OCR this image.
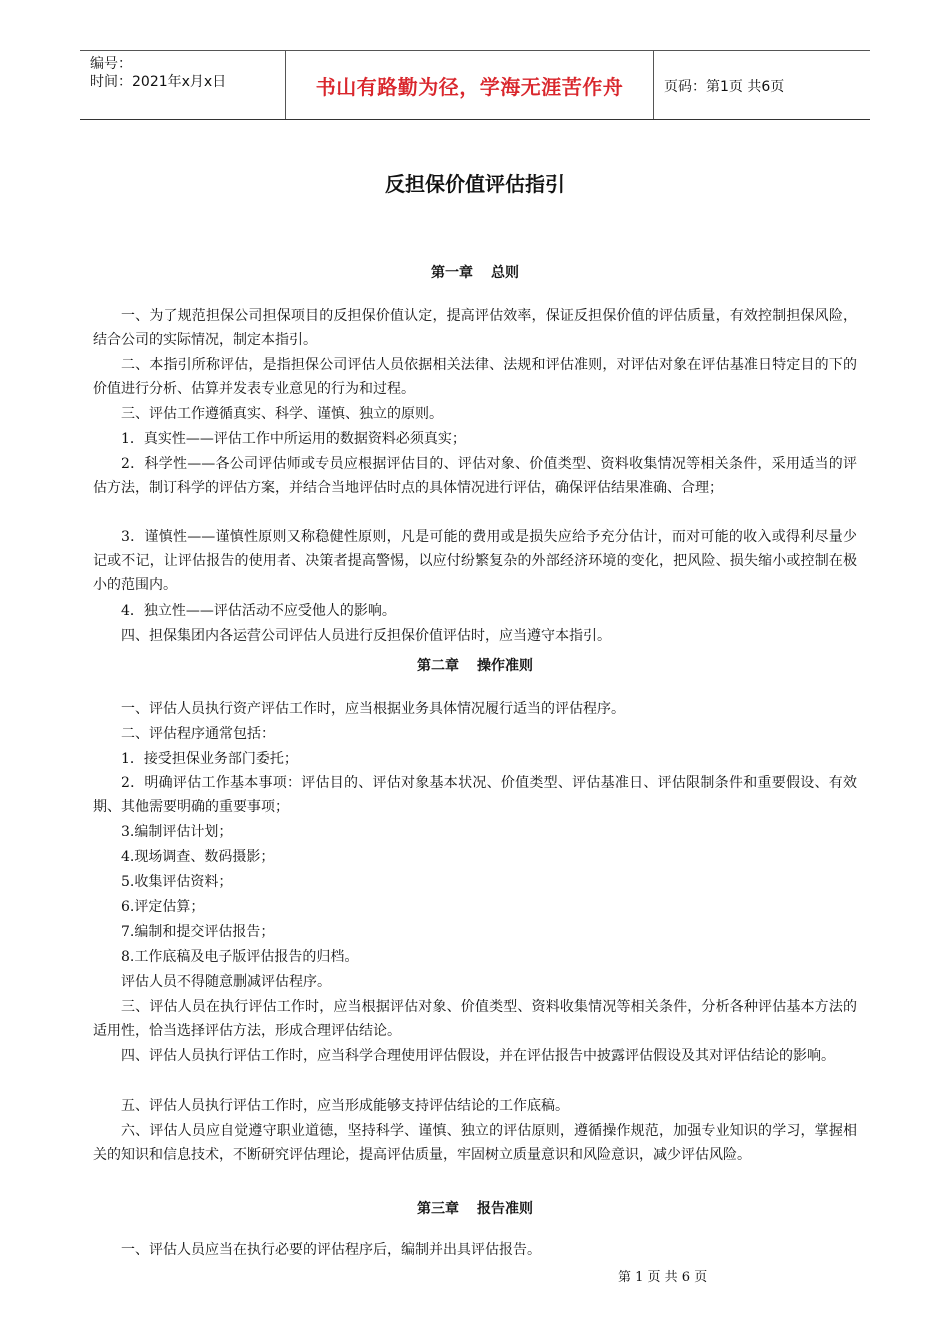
编号：
时间：2021年x月x日	书山有路勤为径，学海无涯苦作舟	页码：第1页 共6页
反担保价值评估指引
第一章 总则

一、为了规范担保公司担保项目的反担保价值认定，提高评估效率，保证反担保价值的评估质量，有效控制担保风险，结合公司的实际情况，制定本指引。

二、本指引所称评估，是指担保公司评估人员依据相关法律、法规和评估准则，对评估对象在评估基准日特定目的下的价值进行分析、估算并发表专业意见的行为和过程。

三、评估工作遵循真实、科学、谨慎、独立的原则。

1．真实性——评估工作中所运用的数据资料必须真实；

2．科学性——各公司评估师或专员应根据评估目的、评估对象、价值类型、资料收集情况等相关条件，采用适当的评估方法，制订科学的评估方案，并结合当地评估时点的具体情况进行评估，确保评估结果准确、合理；

3．谨慎性——谨慎性原则又称稳健性原则，凡是可能的费用或是损失应给予充分估计，而对可能的收入或得利尽量少记或不记，让评估报告的使用者、决策者提高警惕，以应付纷繁复杂的外部经济环境的变化，把风险、损失缩小或控制在极小的范围内。

4．独立性——评估活动不应受他人的影响。

四、担保集团内各运营公司评估人员进行反担保价值评估时，应当遵守本指引。

第二章 操作准则

一、评估人员执行资产评估工作时，应当根据业务具体情况履行适当的评估程序。

二、评估程序通常包括：

1．接受担保业务部门委托；

2．明确评估工作基本事项：评估目的、评估对象基本状况、价值类型、评估基准日、评估限制条件和重要假设、有效期、其他需要明确的重要事项；

3.编制评估计划；

4.现场调查、数码摄影；

5.收集评估资料；

6.评定估算；

7.编制和提交评估报告；

8.工作底稿及电子版评估报告的归档。

评估人员不得随意删减评估程序。

三、评估人员在执行评估工作时，应当根据评估对象、价值类型、资料收集情况等相关条件，分析各种评估基本方法的适用性，恰当选择评估方法，形成合理评估结论。

四、评估人员执行评估工作时，应当科学合理使用评估假设，并在评估报告中披露评估假设及其对评估结论的影响。

五、评估人员执行评估工作时，应当形成能够支持评估结论的工作底稿。

六、评估人员应自觉遵守职业道德，坚持科学、谨慎、独立的评估原则，遵循操作规范，加强专业知识的学习，掌握相关的知识和信息技术，不断研究评估理论，提高评估质量，牢固树立质量意识和风险意识，减少评估风险。

第三章 报告准则

一、评估人员应当在执行必要的评估程序后，编制并出具评估报告。

第 1 页 共 6 页
